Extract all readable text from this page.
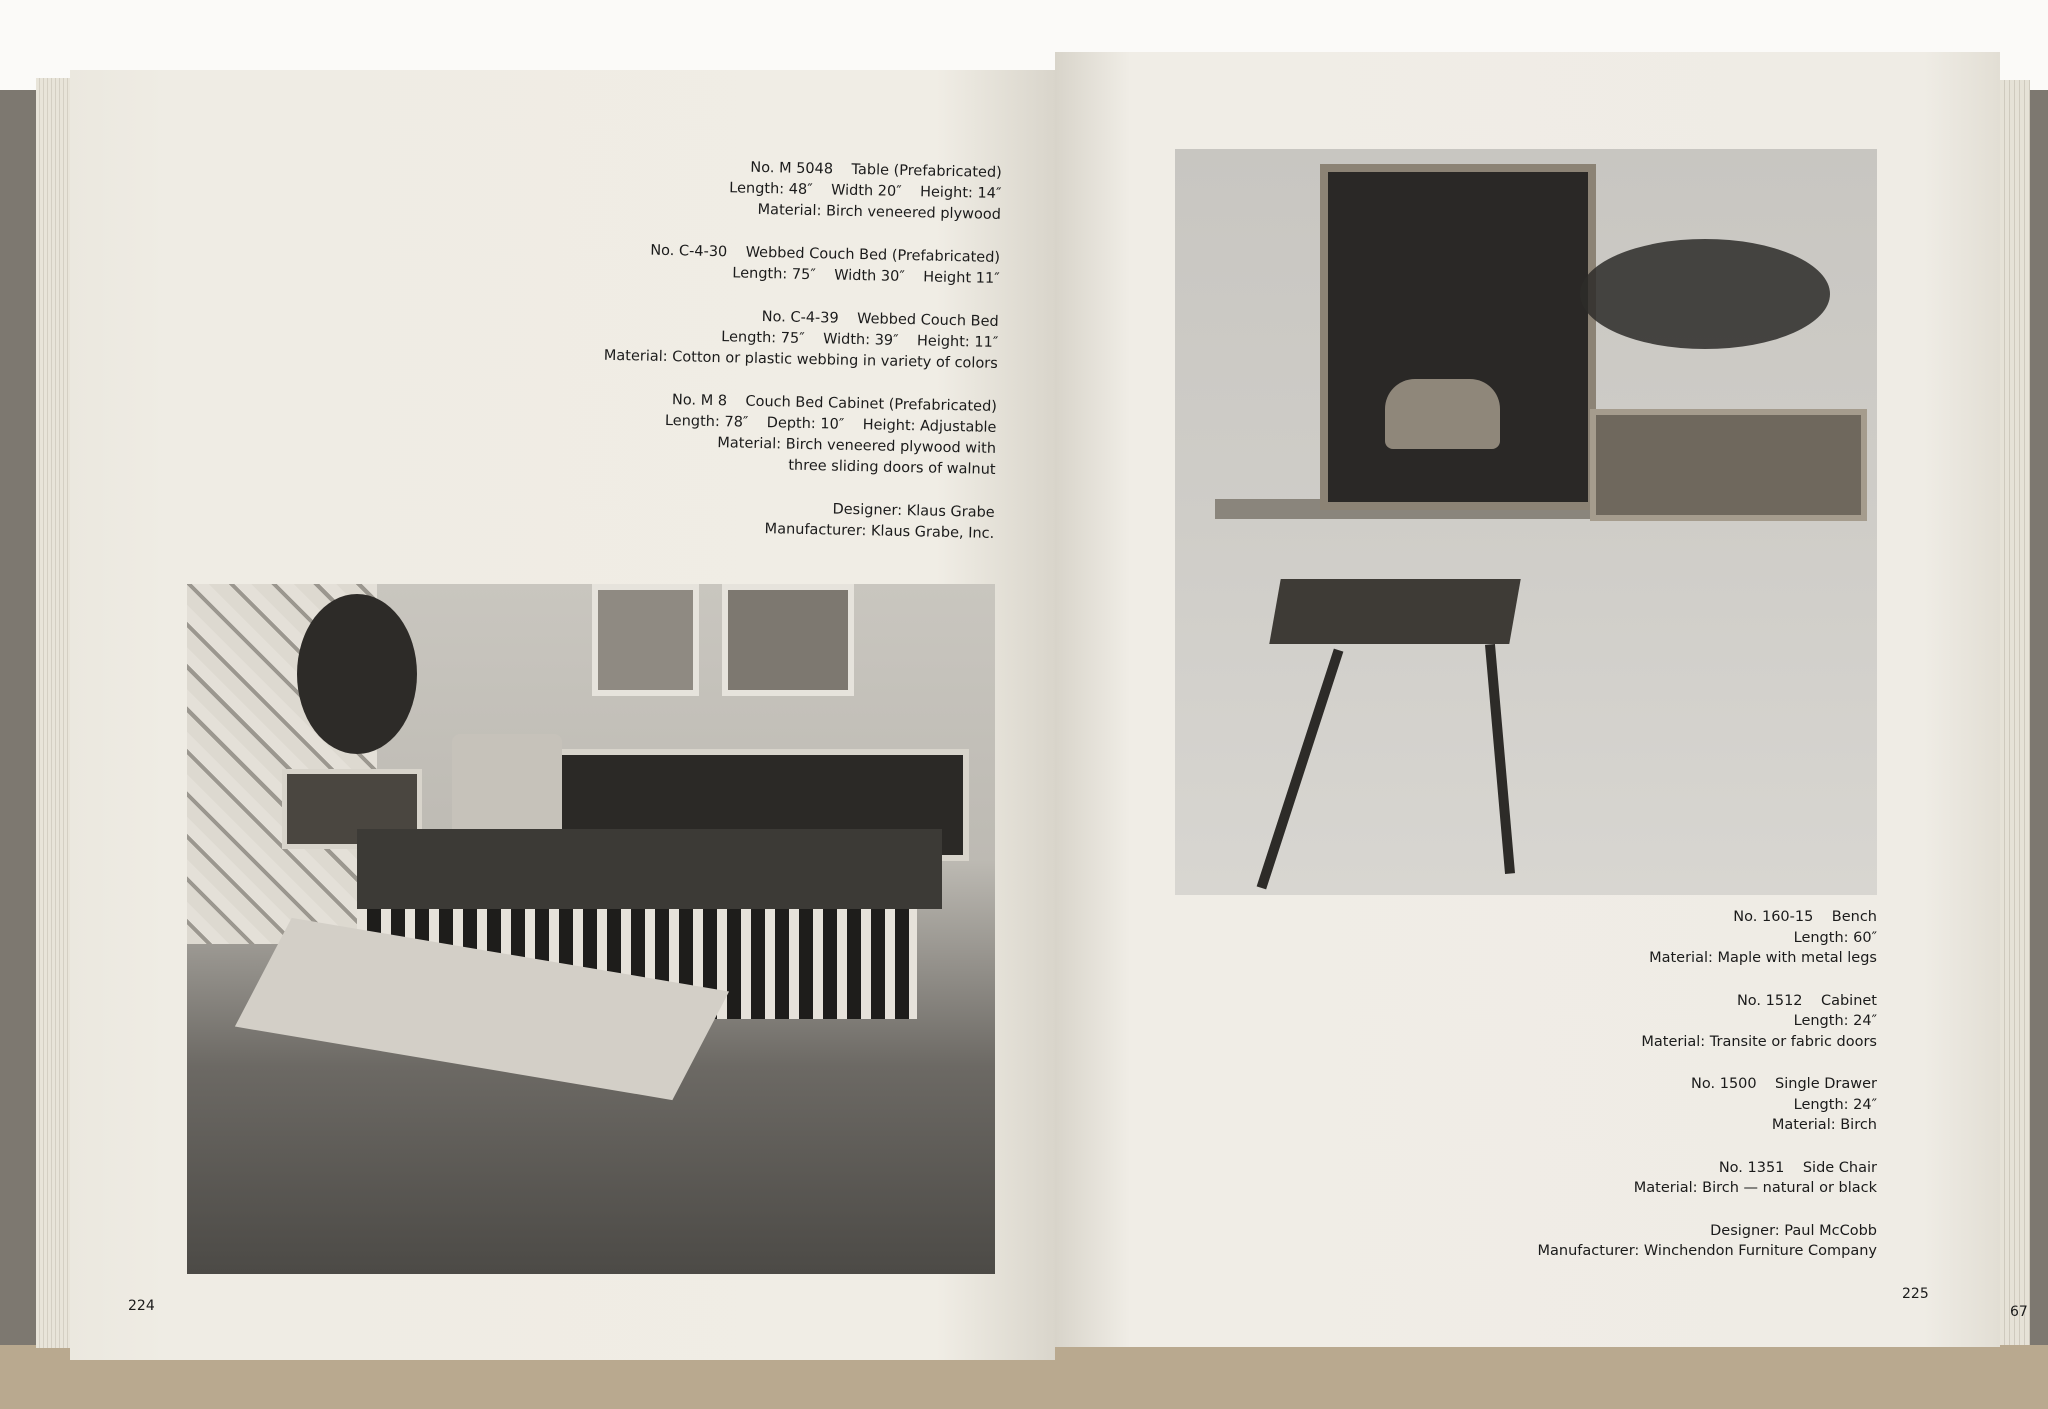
No. M 5048    Table (Prefabricated)
Length: 48″    Width 20″    Height: 14″
Material: Birch veneered plywood
No. C-4-30    Webbed Couch Bed (Prefabricated)
Length: 75″    Width 30″    Height 11″
No. C-4-39    Webbed Couch Bed
Length: 75″    Width: 39″    Height: 11″
Material: Cotton or plastic webbing in variety of colors
No. M 8    Couch Bed Cabinet (Prefabricated)
Length: 78″    Depth: 10″    Height: Adjustable
Material: Birch veneered plywood with
three sliding doors of walnut
Designer: Klaus Grabe
Manufacturer: Klaus Grabe, Inc.
No. 160-15    Bench
Length: 60″
Material: Maple with metal legs
No. 1512    Cabinet
Length: 24″
Material: Transite or fabric doors
No. 1500    Single Drawer
Length: 24″
Material: Birch
No. 1351    Side Chair
Material: Birch — natural or black
Designer: Paul McCobb
Manufacturer: Winchendon Furniture Company
224
225
67
